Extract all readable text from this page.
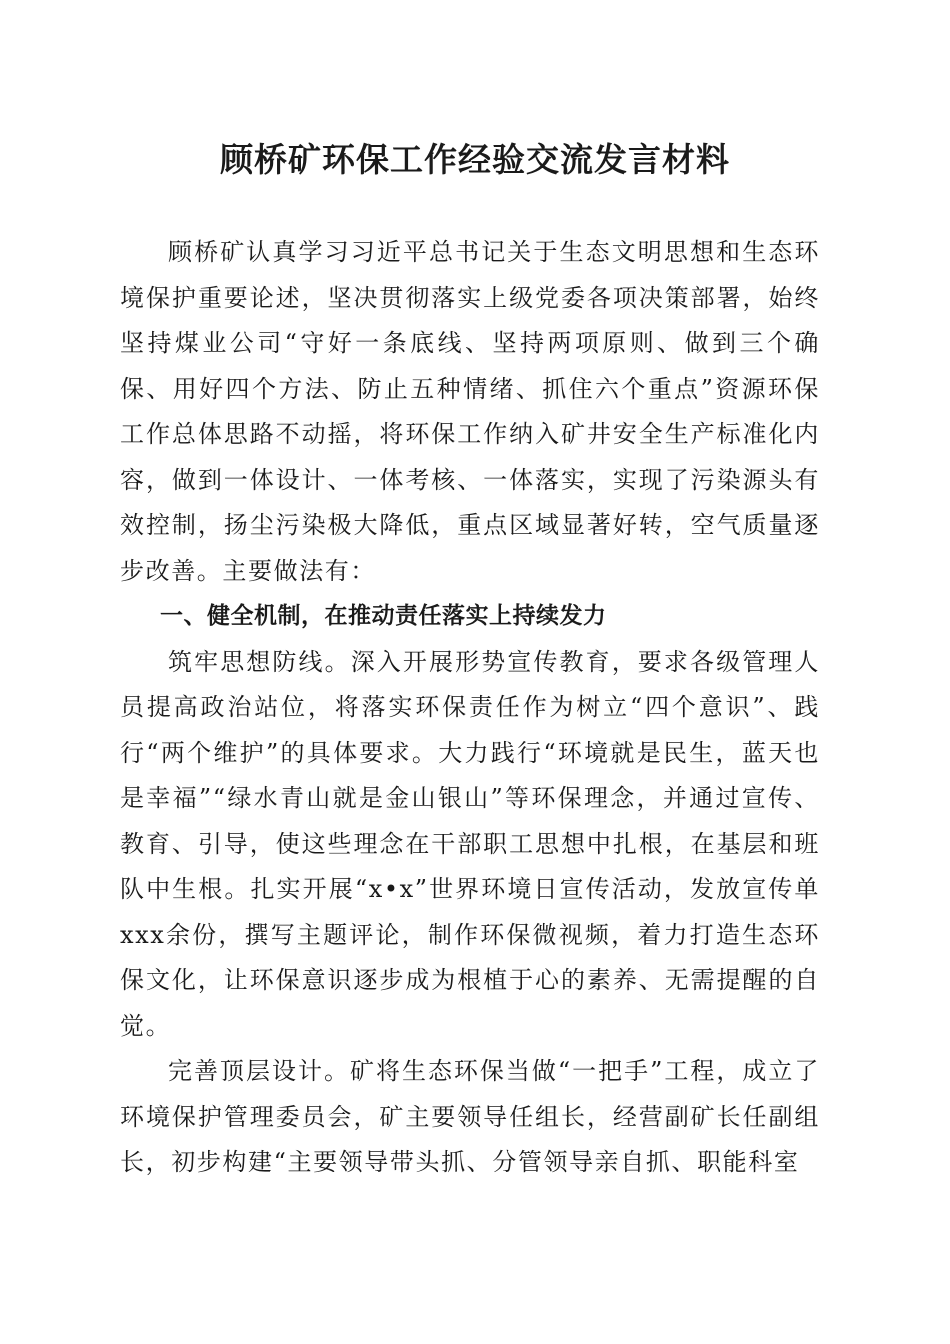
顾桥矿环保工作经验交流发言材料

顾桥矿认真学习习近平总书记关于生态文明思想和生态环境保护重要论述，坚决贯彻落实上级党委各项决策部署，始终坚持煤业公司“守好一条底线、坚持两项原则、做到三个确保、用好四个方法、防止五种情绪、抓住六个重点”资源环保工作总体思路不动摇，将环保工作纳入矿井安全生产标准化内容，做到一体设计、一体考核、一体落实，实现了污染源头有效控制，扬尘污染极大降低，重点区域显著好转，空气质量逐步改善。主要做法有：

一、健全机制，在推动责任落实上持续发力

筑牢思想防线。深入开展形势宣传教育，要求各级管理人员提高政治站位，将落实环保责任作为树立“四个意识”、践行“两个维护”的具体要求。大力践行“环境就是民生，蓝天也是幸福”“绿水青山就是金山银山”等环保理念，并通过宣传、教育、引导，使这些理念在干部职工思想中扎根，在基层和班队中生根。扎实开展“x•x”世界环境日宣传活动，发放宣传单xxx余份，撰写主题评论，制作环保微视频，着力打造生态环保文化，让环保意识逐步成为根植于心的素养、无需提醒的自觉。

完善顶层设计。矿将生态环保当做“一把手”工程，成立了环境保护管理委员会，矿主要领导任组长，经营副矿长任副组长，初步构建“主要领导带头抓、分管领导亲自抓、职能科室
